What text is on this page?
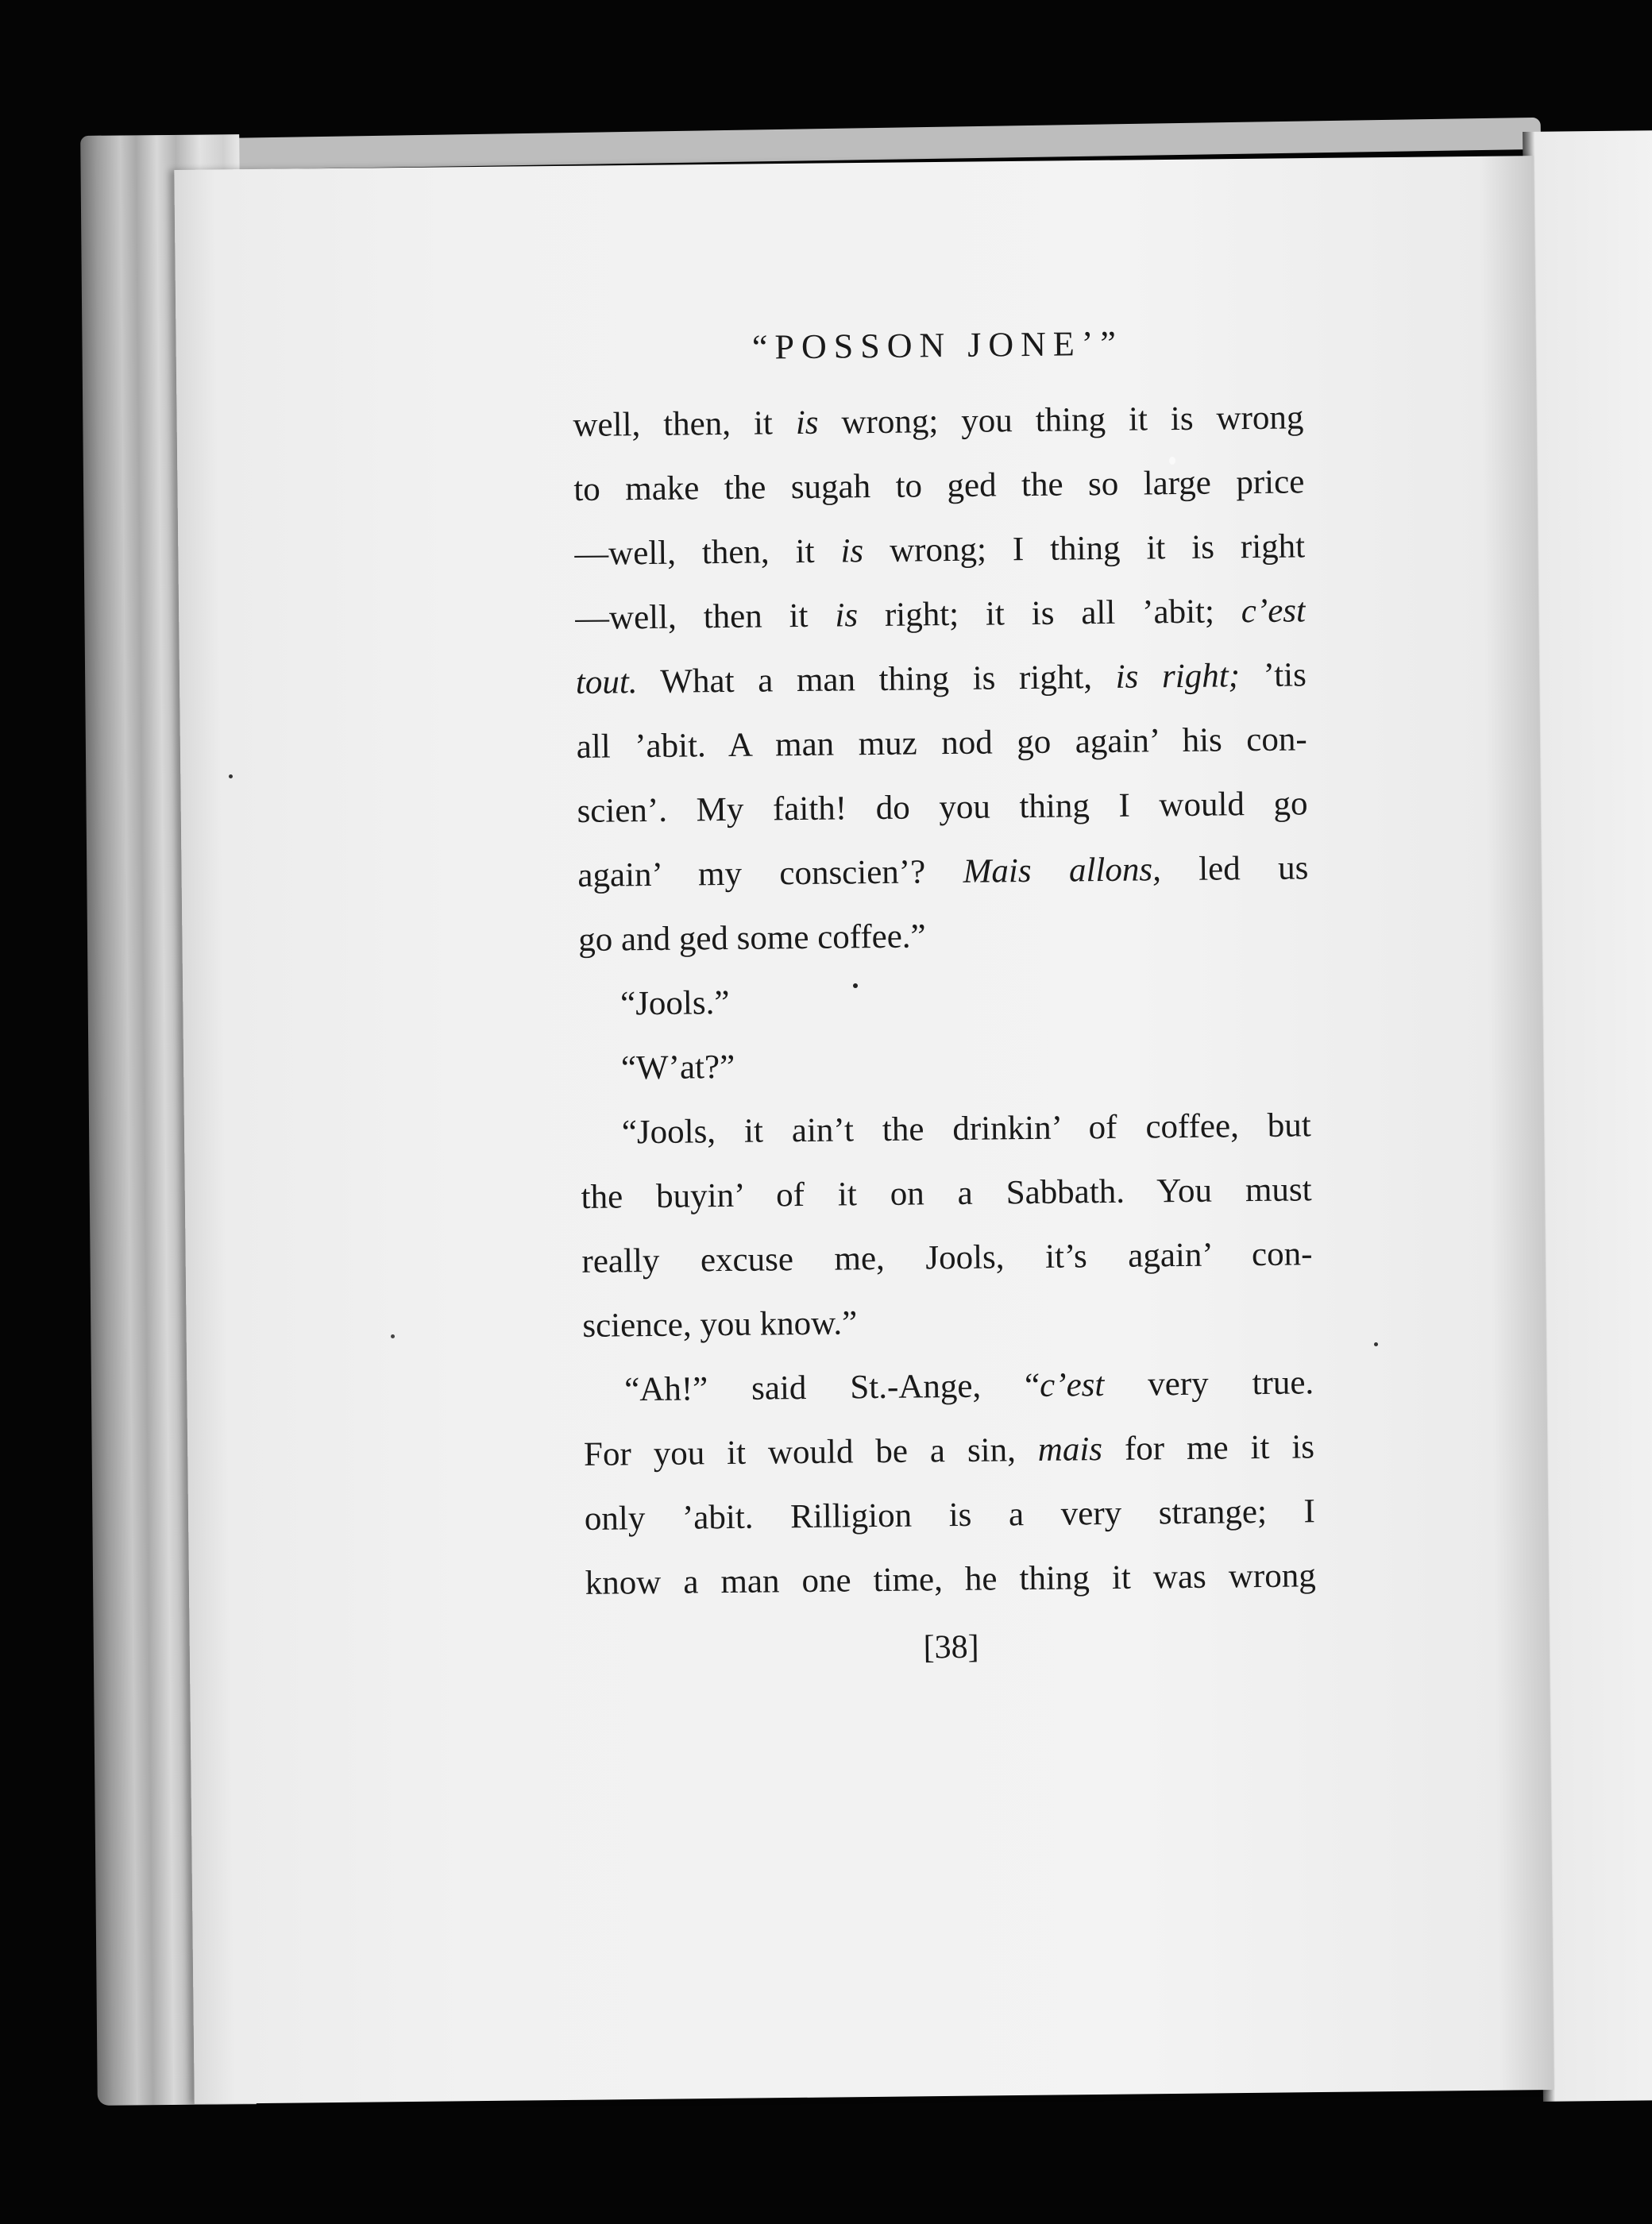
“POSSON JONE’”
well, then, it is wrong; you thing it is wrong
to make the sugah to ged the so large price
—well, then, it is wrong; I thing it is right
—well, then it is right; it is all ’abit; c’est
tout. What a man thing is right, is right; ’tis
all ’abit. A man muz nod go again’ his con-
scien’. My faith! do you thing I would go
again’ my conscien’? Mais allons, led us
go and ged some coffee.”
“Jools.”
“W’at?”
“Jools, it ain’t the drinkin’ of coffee, but
the buyin’ of it on a Sabbath. You must
really excuse me, Jools, it’s again’ con-
science, you know.”
“Ah!” said St.-Ange, “c’est very true.
For you it would be a sin, mais for me it is
only ’abit. Rilligion is a very strange; I
know a man one time, he thing it was wrong
[38]
